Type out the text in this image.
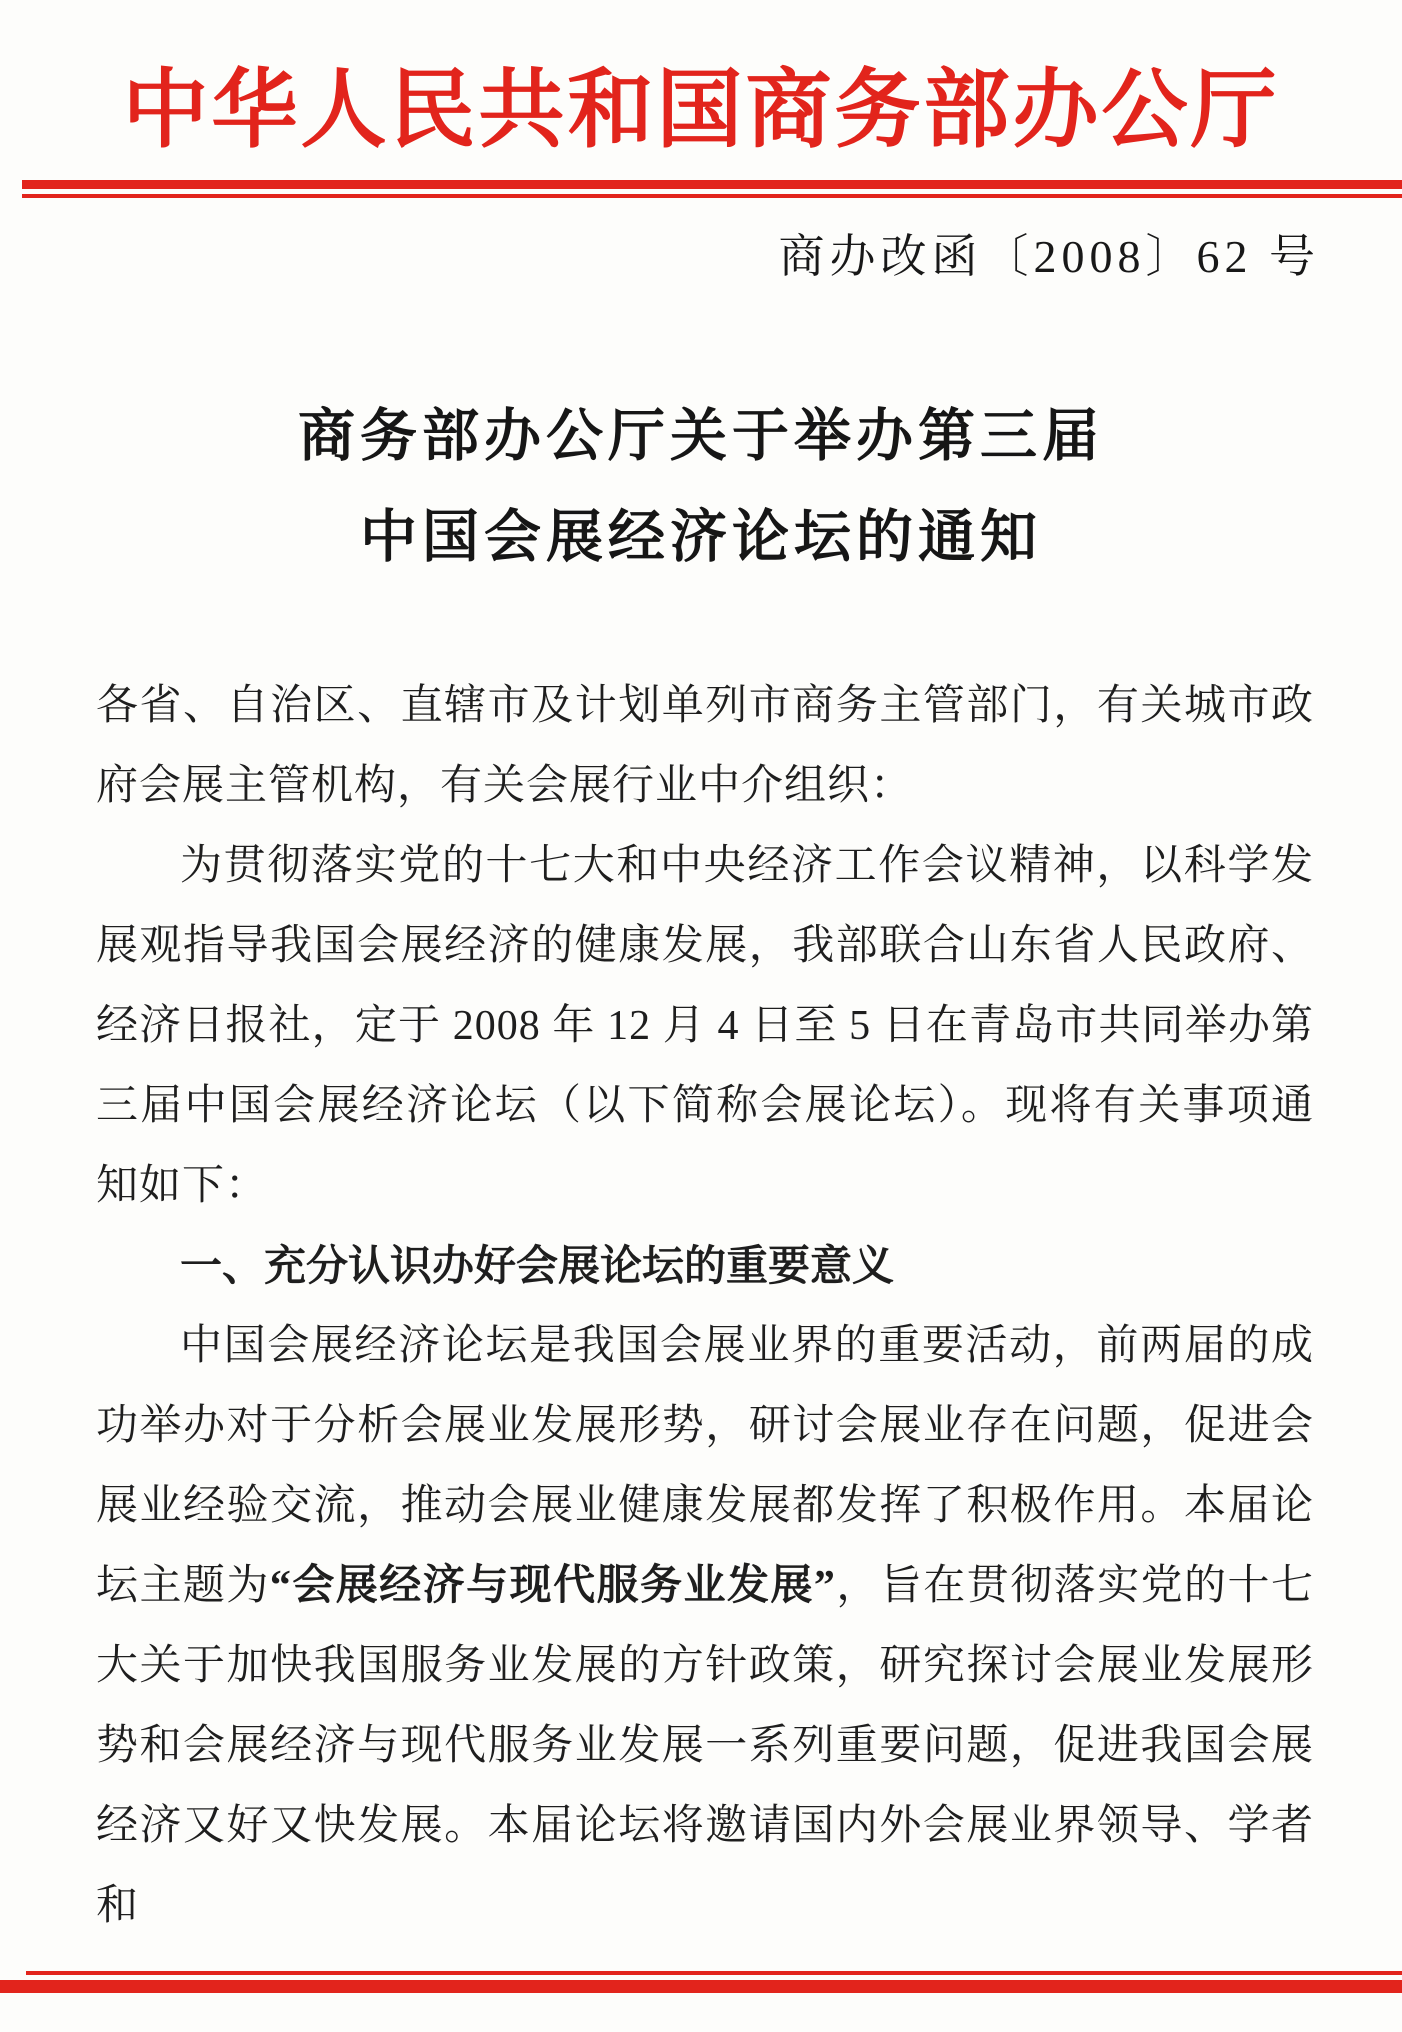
中华人民共和国商务部办公厅
商办改函〔2008〕62 号
商务部办公厅关于举办第三届
中国会展经济论坛的通知

各省、自治区、直辖市及计划单列市商务主管部门，有关城市政府会展主管机构，有关会展行业中介组织：

为贯彻落实党的十七大和中央经济工作会议精神，以科学发展观指导我国会展经济的健康发展，我部联合山东省人民政府、经济日报社，定于 2008 年 12 月 4 日至 5 日在青岛市共同举办第三届中国会展经济论坛（以下简称会展论坛）。现将有关事项通知如下：

一、充分认识办好会展论坛的重要意义

中国会展经济论坛是我国会展业界的重要活动，前两届的成功举办对于分析会展业发展形势，研讨会展业存在问题，促进会展业经验交流，推动会展业健康发展都发挥了积极作用。本届论坛主题为“会展经济与现代服务业发展”，旨在贯彻落实党的十七大关于加快我国服务业发展的方针政策，研究探讨会展业发展形势和会展经济与现代服务业发展一系列重要问题，促进我国会展经济又好又快发展。本届论坛将邀请国内外会展业界领导、学者和
